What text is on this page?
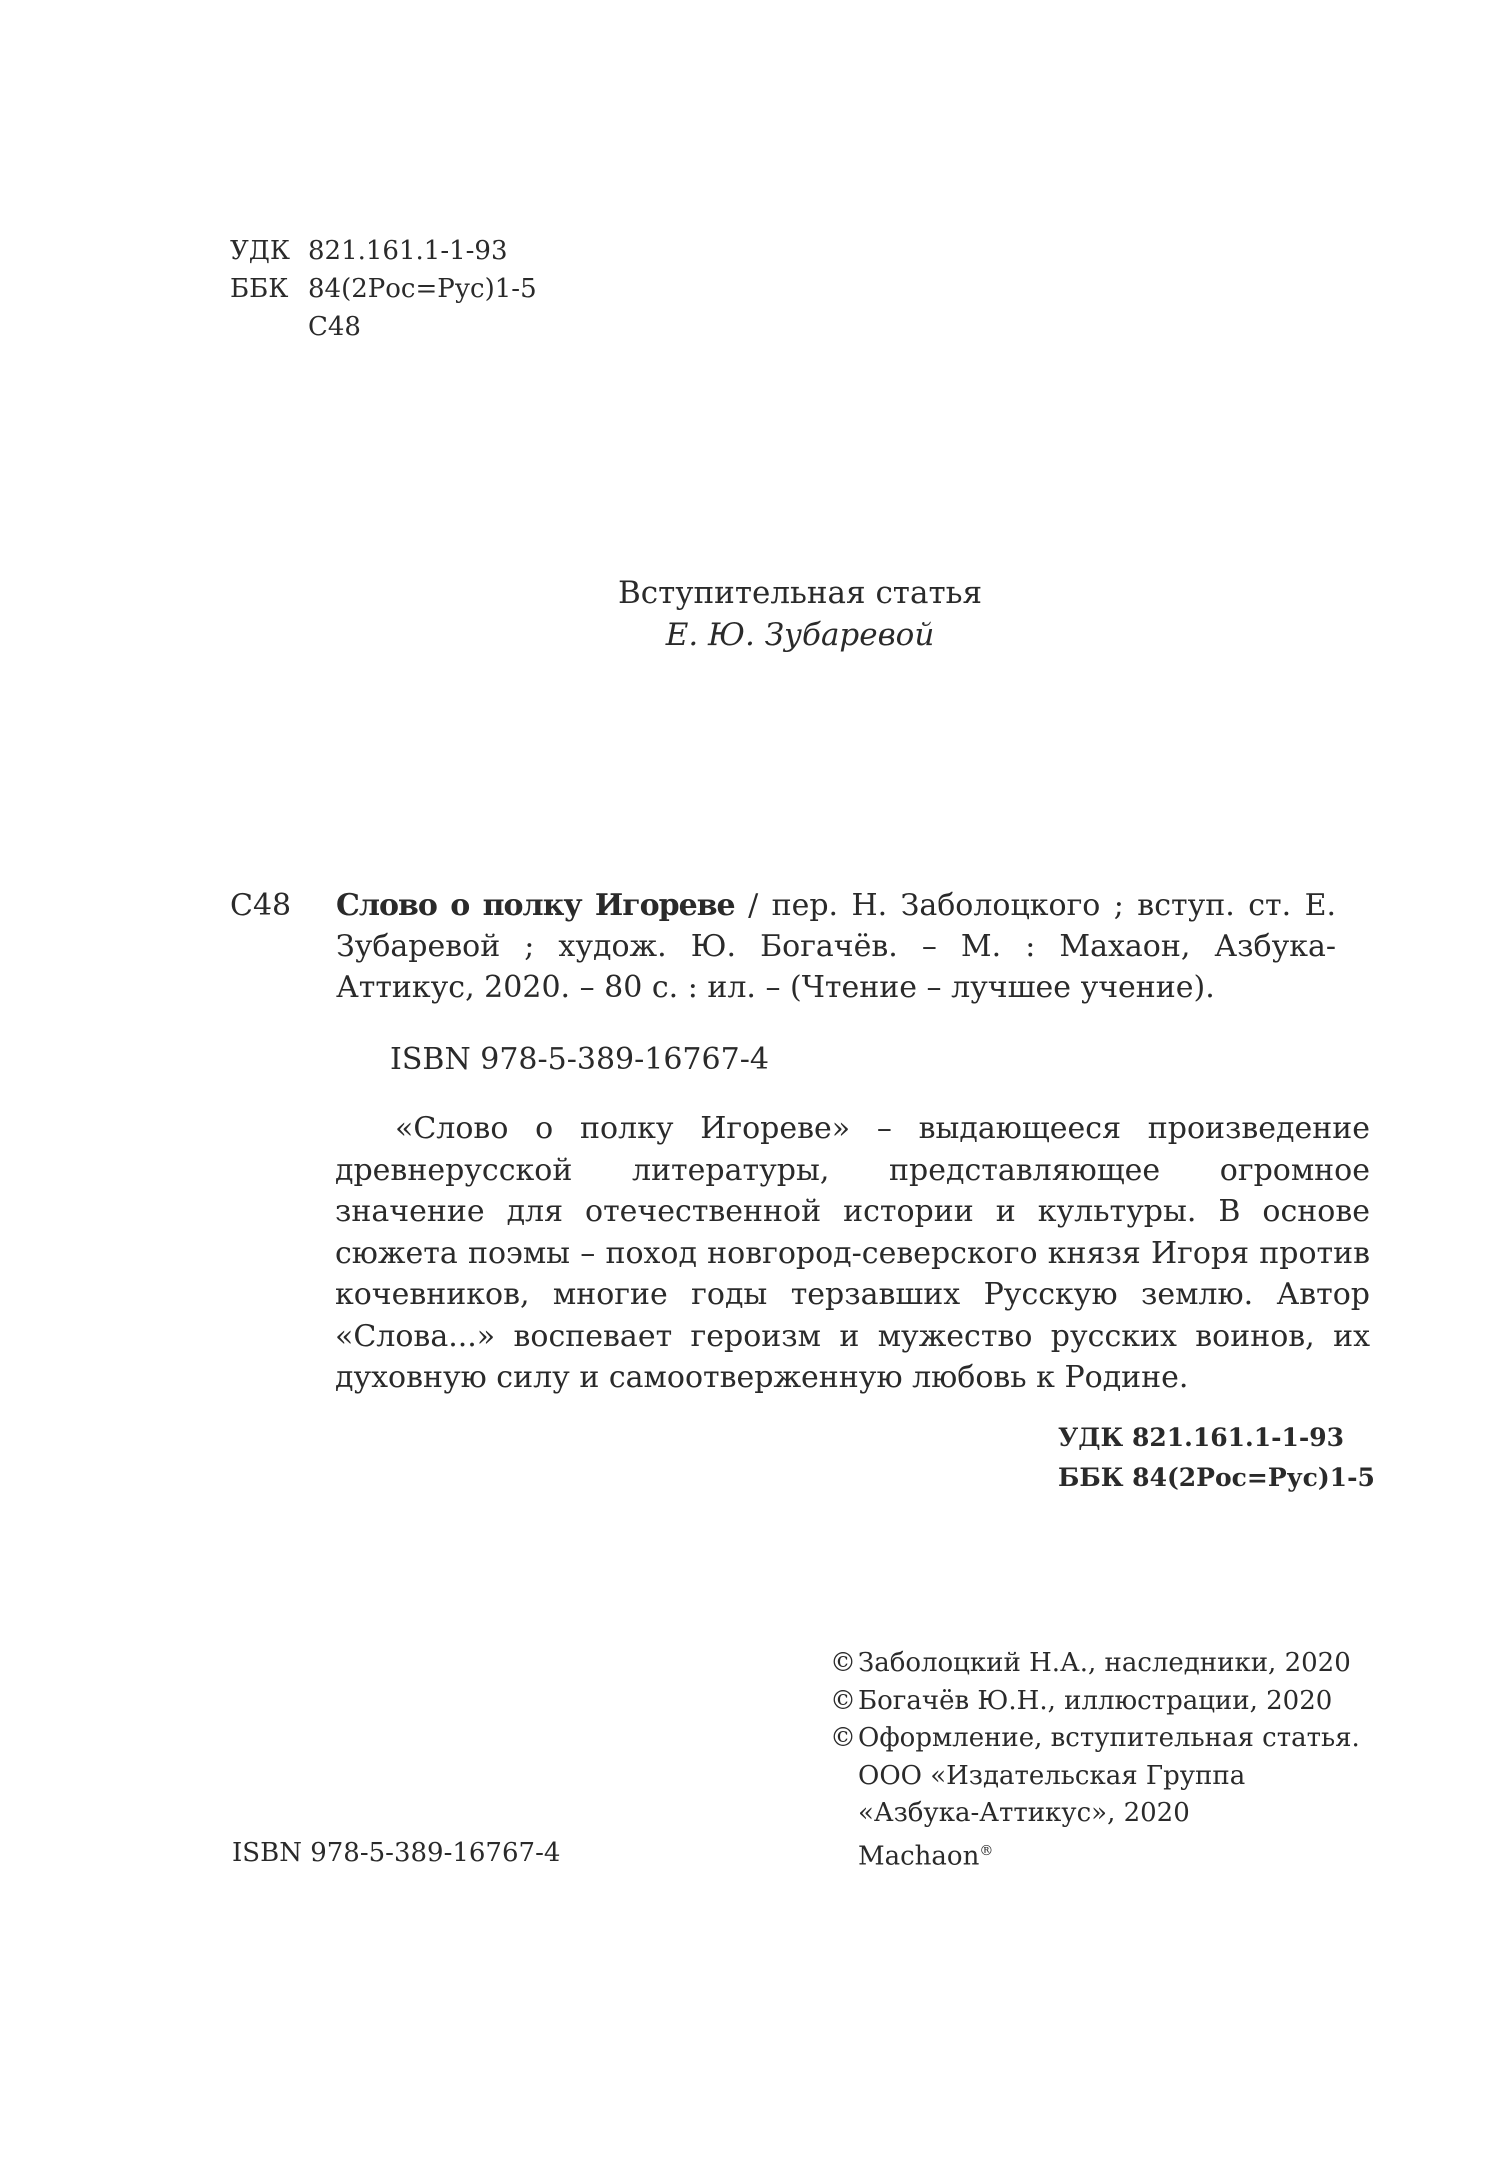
УДК 821.161.1-1-93
ББК 84(2Рос=Рус)1-5
С48
Вступительная статья
Е. Ю. Зубаревой
С48 Слово о полку Игореве / пер. Н. Заболоцкого ; вступ. ст. Е. Зубаревой ; худож. Ю. Богачёв. – М. : Махаон, Азбука-Аттикус, 2020. – 80 с. : ил. – (Чтение – лучшее учение).
ISBN 978-5-389-16767-4

«Слово о полку Игореве» – выдающееся произведение древнерусской литературы, представляющее огромное значение для отечественной истории и культуры. В основе сюжета поэмы – поход новгород-северского князя Игоря против кочевников, многие годы терзавших Русскую землю. Автор «Слова...» воспевает героизм и мужество русских воинов, их духовную силу и самоотверженную любовь к Родине.

УДК 821.161.1-1-93
ББК 84(2Рос=Рус)1-5
©Заболоцкий Н.А., наследники, 2020
©Богачёв Ю.Н., иллюстрации, 2020
©Оформление, вступительная статья.
ООО «Издательская Группа
«Азбука-Аттикус», 2020
Machaon®
ISBN 978-5-389-16767-4
